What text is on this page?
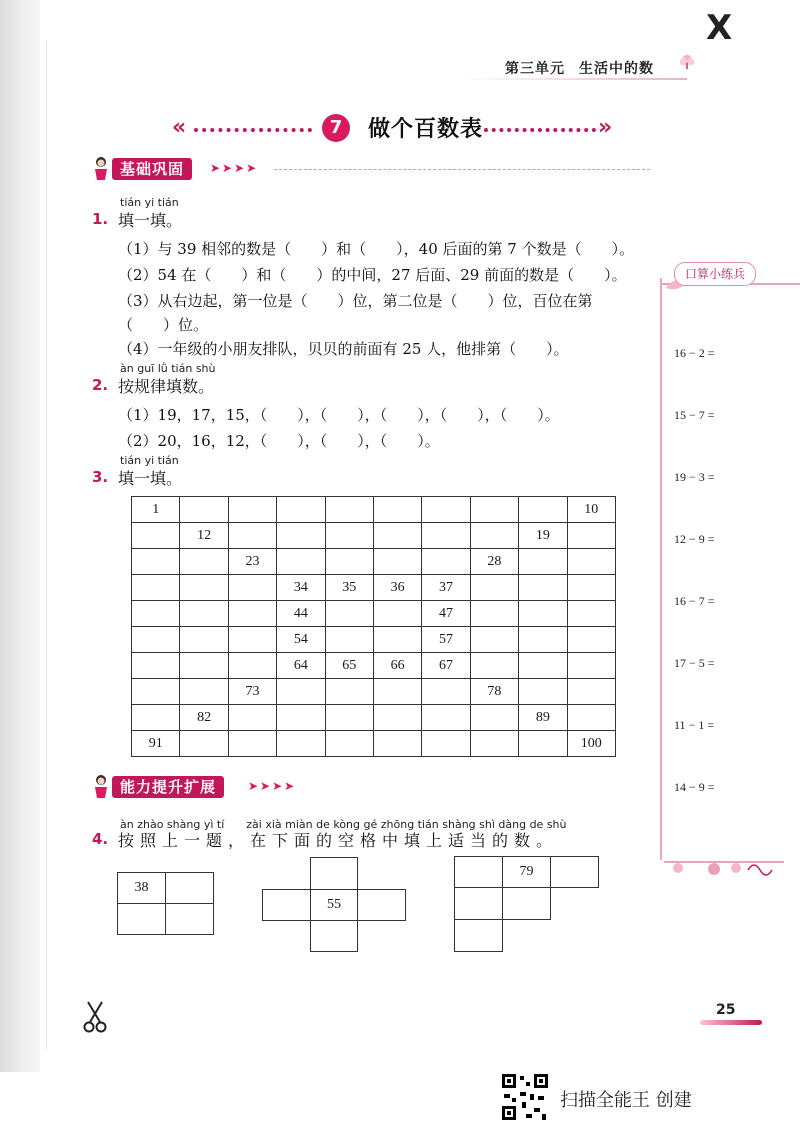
X
第三单元 生活中的数
«	7	做个百数表	»
基础巩固	➤➤➤➤
tián yi tián
1. 填一填。
（1）与 39 相邻的数是（　　）和（　　），40 后面的第 7 个数是（　　）。
（2）54 在（　　）和（　　）的中间，27 后面、29 前面的数是（　　）。
（3）从右边起，第一位是（　　）位，第二位是（　　）位，百位在第
（　　）位。
（4）一年级的小朋友排队，贝贝的前面有 25 人，他排第（　　）。
àn guī lǜ tián shù
2. 按规律填数。
（1）19，17，15，（　　），（　　），（　　），（　　），（　　）。
（2）20，16，12，（　　），（　　），（　　）。
tián yi tián
3. 填一填。
1									10
	12							19	
		23					28		
			34	35	36	37			
			44			47			
			54			57			
			64	65	66	67			
		73					78		
	82							89	
91									100
能力提升扩展	➤➤➤➤
àn zhào shàng yì tí　　zài xià miàn de kòng gé zhōng tián shàng shì dàng de shù
4. 按照上一题，在下面的空格中填上适当的数。
38
55
79
口算小练兵
16 − 2 =
15 − 7 =
19 − 3 =
12 − 9 =
16 − 7 =
17 − 5 =
11 − 1 =
14 − 9 =
25
扫描全能王 创建
